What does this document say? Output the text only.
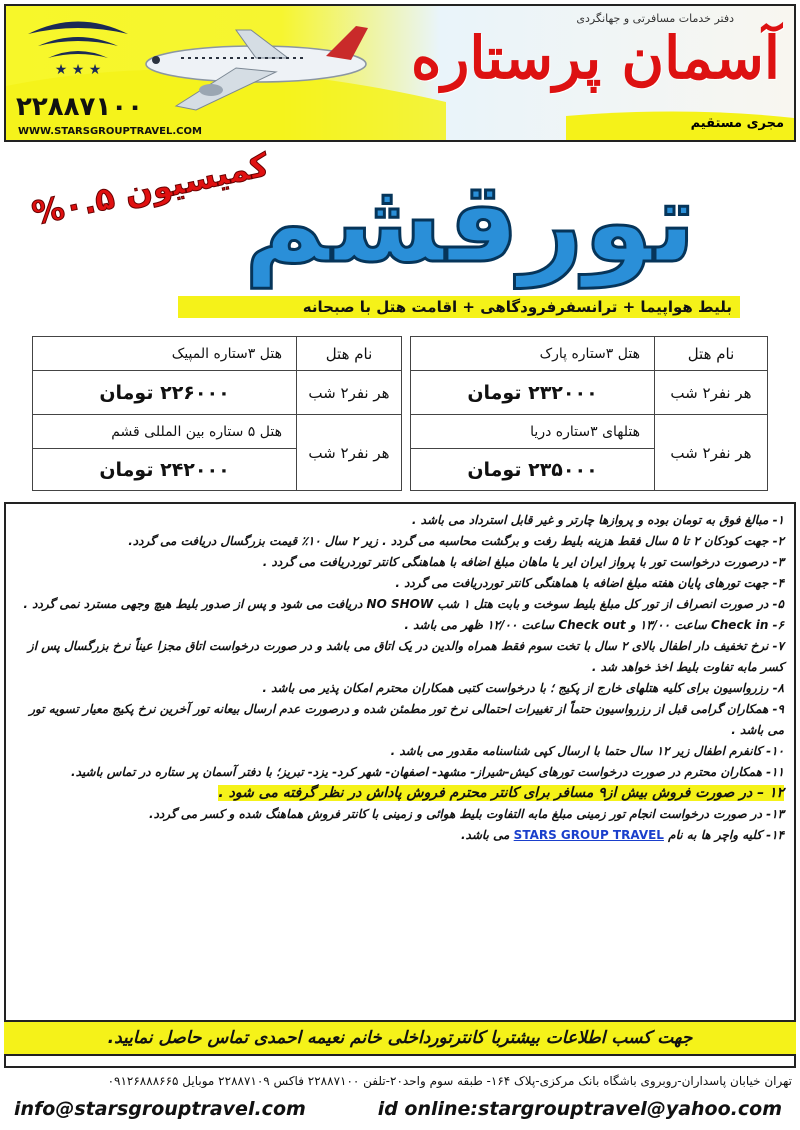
★ ★ ★
دفتر خدمات مسافرتی و جهانگردی
آسمان پرستاره
۲۲۸۸۷۱۰۰
WWW.STARSGROUPTRAVEL.COM
مجری مستقیم
تورقشم
کمیسیون ۰.۵%
بلیط هواپیما + ترانسفرفرودگاهی + اقامت هتل با صبحانه
نام هتل	هتل ۳ستاره پارک
هر نفر۲ شب	۲۳۲۰۰۰ تومان
هر نفر۲ شب	هتلهای ۳ستاره دریا
	۲۳۵۰۰۰ تومان
نام هتل	هتل ۳ستاره المپیک
هر نفر۲ شب	۲۲۶۰۰۰ تومان
هر نفر۲ شب	هتل ۵ ستاره بین المللی قشم
	۲۴۲۰۰۰ تومان

۱- مبالغ فوق به تومان بوده و پروازها چارتر و غیر قابل استرداد می باشد .

۲- جهت کودکان ۲ تا ۵ سال فقط هزینه بلیط رفت و برگشت محاسبه می گردد . زیر ۲ سال ۱۰٪ قیمت بزرگسال دریافت می گردد.

۳- درصورت درخواست تور با پرواز ایران ایر یا ماهان مبلغ اضافه با هماهنگی کانتر توردریافت می گردد .

۴- جهت تورهای پایان هفته مبلغ اضافه با هماهنگی کانتر توردریافت می گردد .

۵- در صورت انصراف از تور کل مبلغ بلیط سوخت و بابت هتل ۱ شب NO SHOW دریافت می شود و پس از صدور بلیط هیچ وجهی مسترد نمی گردد .

۶- Check in ساعت ۱۳/۰۰ و Check out ساعت ۱۲/۰۰ ظهر می باشد .

۷- نرخ تخفیف دار اطفال بالای ۲ سال با تخت سوم فقط همراه والدین در یک اتاق می باشد و در صورت درخواست اتاق مجزا عیناً نرخ بزرگسال پس از کسر مابه تفاوت بلیط اخذ خواهد شد .

۸- رزرواسیون برای کلیه هتلهای خارج از پکیج ؛ با درخواست کتبی همکاران محترم امکان پذیر می باشد .

۹- همکاران گرامی قبل از رزرواسیون حتماً از تغییرات احتمالی نرخ تور مطمئن شده و درصورت عدم ارسال بیعانه تور آخرین نرخ پکیج معیار تسویه تور می باشد .

۱۰- کانفرم اطفال زیر ۱۲ سال حتما با ارسال کپی شناسنامه مقدور می باشد .

۱۱- همکاران محترم در صورت درخواست تورهای کیش-شیراز- مشهد- اصفهان- شهر کرد- یزد- تبریز؛ با دفتر آسمان پر ستاره در تماس باشید.

۱۲ – در صورت فروش بیش از۹ مسافر برای کانتر محترم فروش پاداش در نظر گرفته می شود .

۱۳- در صورت درخواست انجام تور زمینی مبلغ مابه التفاوت بلیط هوائی و زمینی با کانتر فروش هماهنگ شده و کسر می گردد.

۱۴- کلیه واچر ها به نام STARS GROUP TRAVEL می باشد.

جهت کسب اطلاعات بیشتربا کانترتورداخلی خانم نعیمه احمدی تماس حاصل نمایید.
تهران خیابان پاسداران-روبروی باشگاه بانک مرکزی-پلاک ۱۶۴- طبقه سوم واحد۲۰-تلفن ۲۲۸۸۷۱۰۰ فاکس ۲۲۸۸۷۱۰۹ موبایل ۰۹۱۲۶۸۸۸۶۶۵
info@starsgrouptravel.com	id online:stargrouptravel@yahoo.com
